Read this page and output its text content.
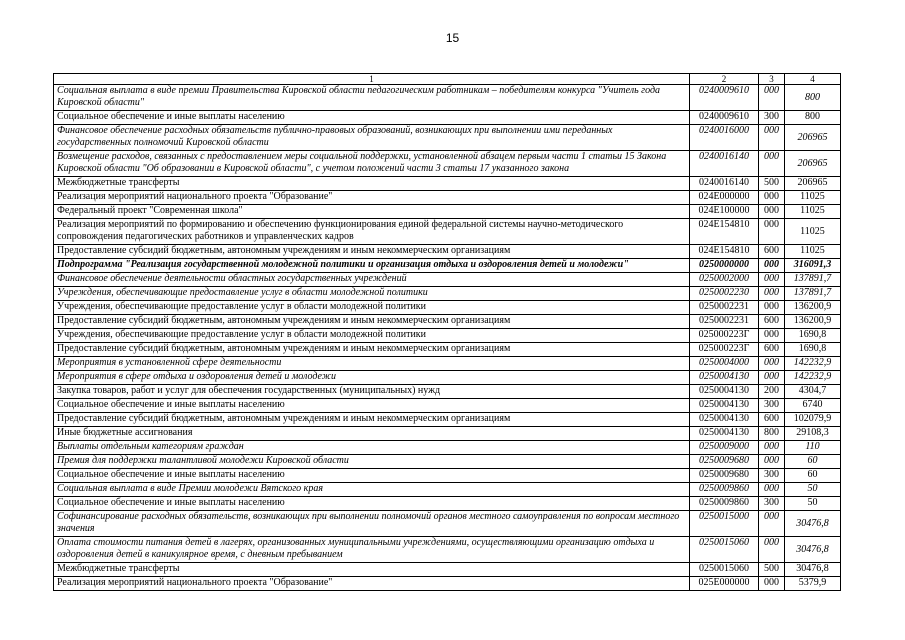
15
1	2	3	4
Социальная выплата в виде премии Правительства Кировской области педагогическим работникам – победителям конкурса "Учитель года Кировской области"	0240009610	000	800
Социальное обеспечение и иные выплаты населению	0240009610	300	800
Финансовое обеспечение расходных обязательств публично-правовых образований, возникающих при выполнении ими переданных государственных полномочий Кировской области	0240016000	000	206965
Возмещение расходов, связанных с предоставлением меры социальной поддержки, установленной абзацем первым части 1 статьи 15 Закона Кировской области "Об образовании в Кировской области", с учетом положений части 3 статьи 17 указанного закона	0240016140	000	206965
Межбюджетные трансферты	0240016140	500	206965
Реализация мероприятий национального проекта "Образование"	024E000000	000	11025
Федеральный проект "Современная школа"	024E100000	000	11025
Реализация мероприятий по формированию и обеспечению функционирования единой федеральной системы научно-методического сопровождения педагогических работников и управленческих кадров	024E154810	000	11025
Предоставление субсидий бюджетным, автономным учреждениям и иным некоммерческим организациям	024E154810	600	11025
Подпрограмма "Реализация государственной молодежной политики и организация отдыха и оздоровления детей и молодежи"	0250000000	000	316091,3
Финансовое обеспечение деятельности областных государственных учреждений	0250002000	000	137891,7
Учреждения, обеспечивающие предоставление услуг в области молодежной политики	0250002230	000	137891,7
Учреждения, обеспечивающие предоставление услуг в области молодежной политики	0250002231	000	136200,9
Предоставление субсидий бюджетным, автономным учреждениям и иным некоммерческим организациям	0250002231	600	136200,9
Учреждения, обеспечивающие предоставление услуг в области молодежной политики	025000223Г	000	1690,8
Предоставление субсидий бюджетным, автономным учреждениям и иным некоммерческим организациям	025000223Г	600	1690,8
Мероприятия в установленной сфере деятельности	0250004000	000	142232,9
Мероприятия в сфере отдыха и оздоровления детей и молодежи	0250004130	000	142232,9
Закупка товаров, работ и услуг для обеспечения государственных (муниципальных) нужд	0250004130	200	4304,7
Социальное обеспечение и иные выплаты населению	0250004130	300	6740
Предоставление субсидий бюджетным, автономным учреждениям и иным некоммерческим организациям	0250004130	600	102079,9
Иные бюджетные ассигнования	0250004130	800	29108,3
Выплаты отдельным категориям граждан	0250009000	000	110
Премия для поддержки талантливой молодежи Кировской области	0250009680	000	60
Социальное обеспечение и иные выплаты населению	0250009680	300	60
Социальная выплата в виде Премии молодежи Вятского края	0250009860	000	50
Социальное обеспечение и иные выплаты населению	0250009860	300	50
Софинансирование расходных обязательств, возникающих при выполнении полномочий органов местного самоуправления по вопросам местного значения	0250015000	000	30476,8
Оплата стоимости питания детей в лагерях, организованных муниципальными учреждениями, осуществляющими организацию отдыха и оздоровления детей в каникулярное время, с дневным пребыванием	0250015060	000	30476,8
Межбюджетные трансферты	0250015060	500	30476,8
Реализация мероприятий национального проекта "Образование"	025E000000	000	5379,9
